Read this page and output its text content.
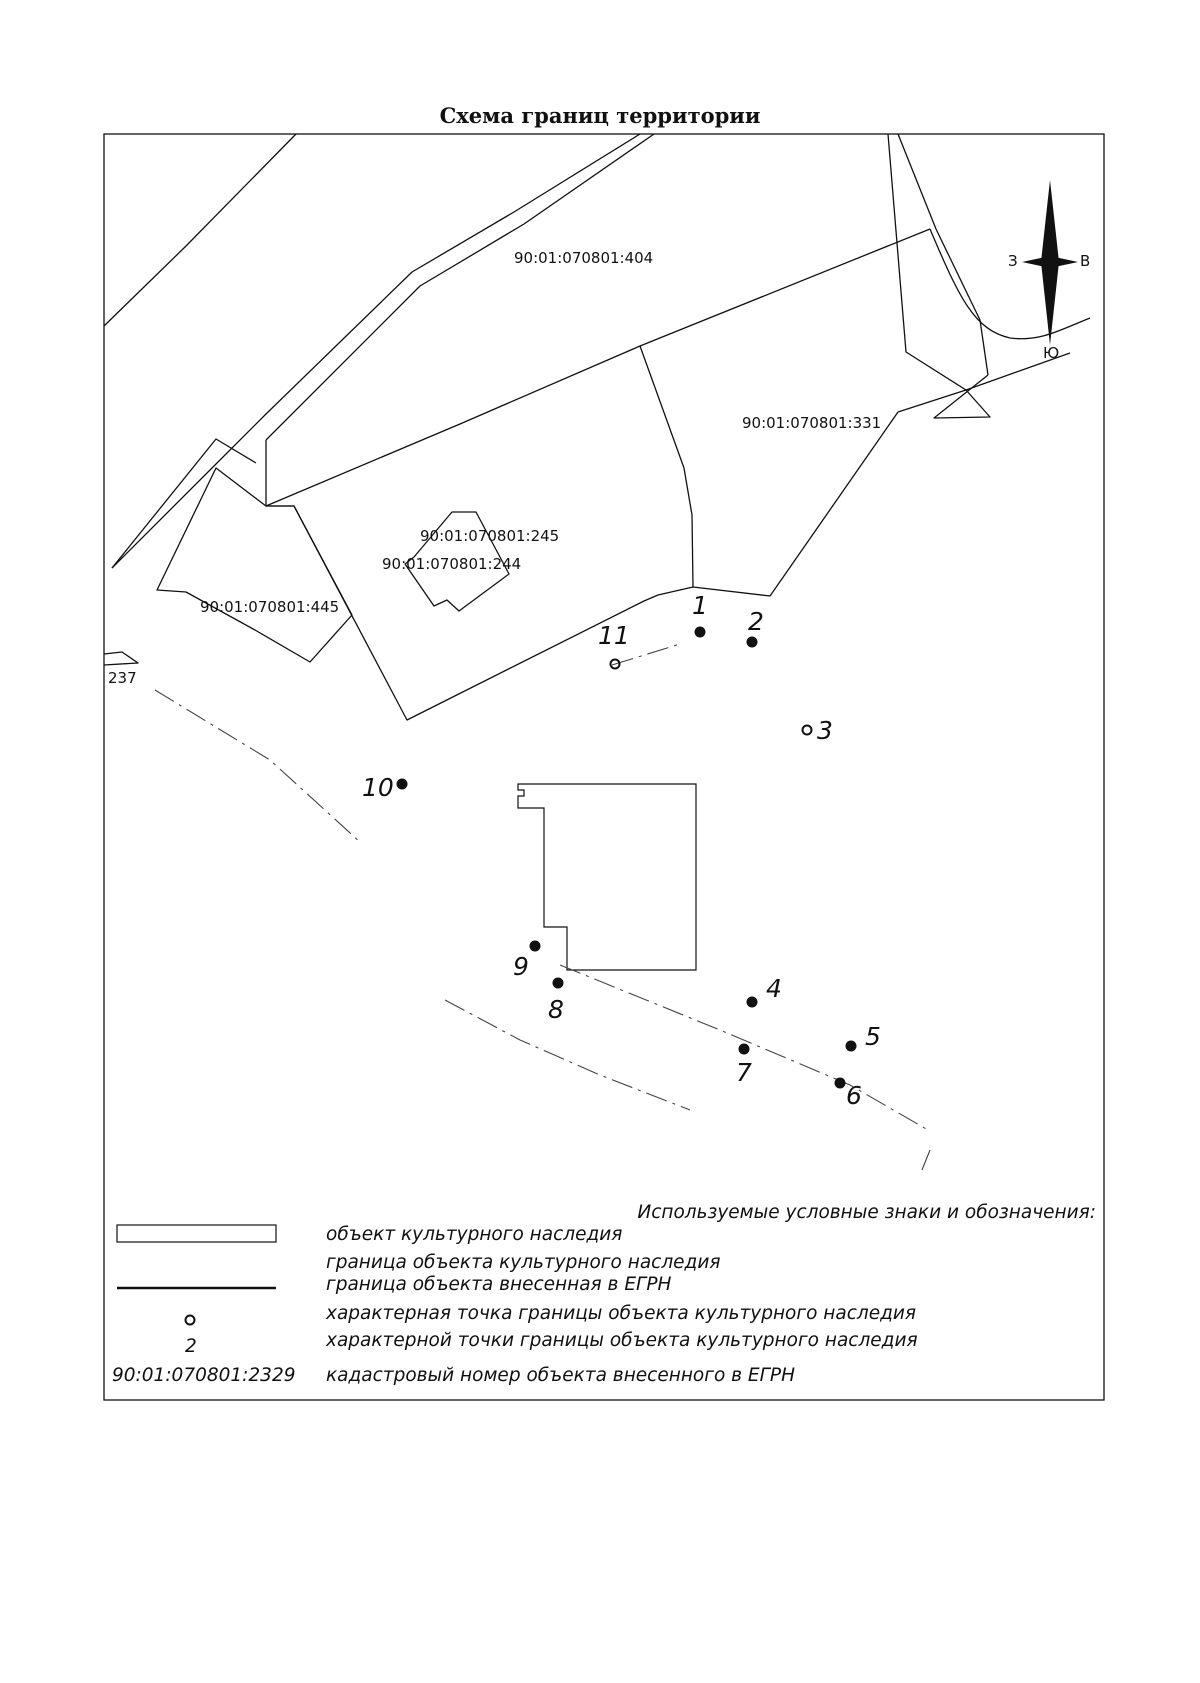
Схема границ территории
З	В
Ю
90:01:070801:404
90:01:070801:331
90:01:070801:245
90:01:070801:244
90:01:070801:445
237
1
2
3
4
5
6
7
8
9
10
11
Используемые условные знаки и обозначения:
объект культурного наследия
граница объекта культурного наследия
граница объекта внесенная в ЕГРН
характерная точка границы объекта культурного наследия
2	характерной точки границы объекта культурного наследия
90:01:070801:2329 кадастровый номер объекта внесенного в ЕГРН
